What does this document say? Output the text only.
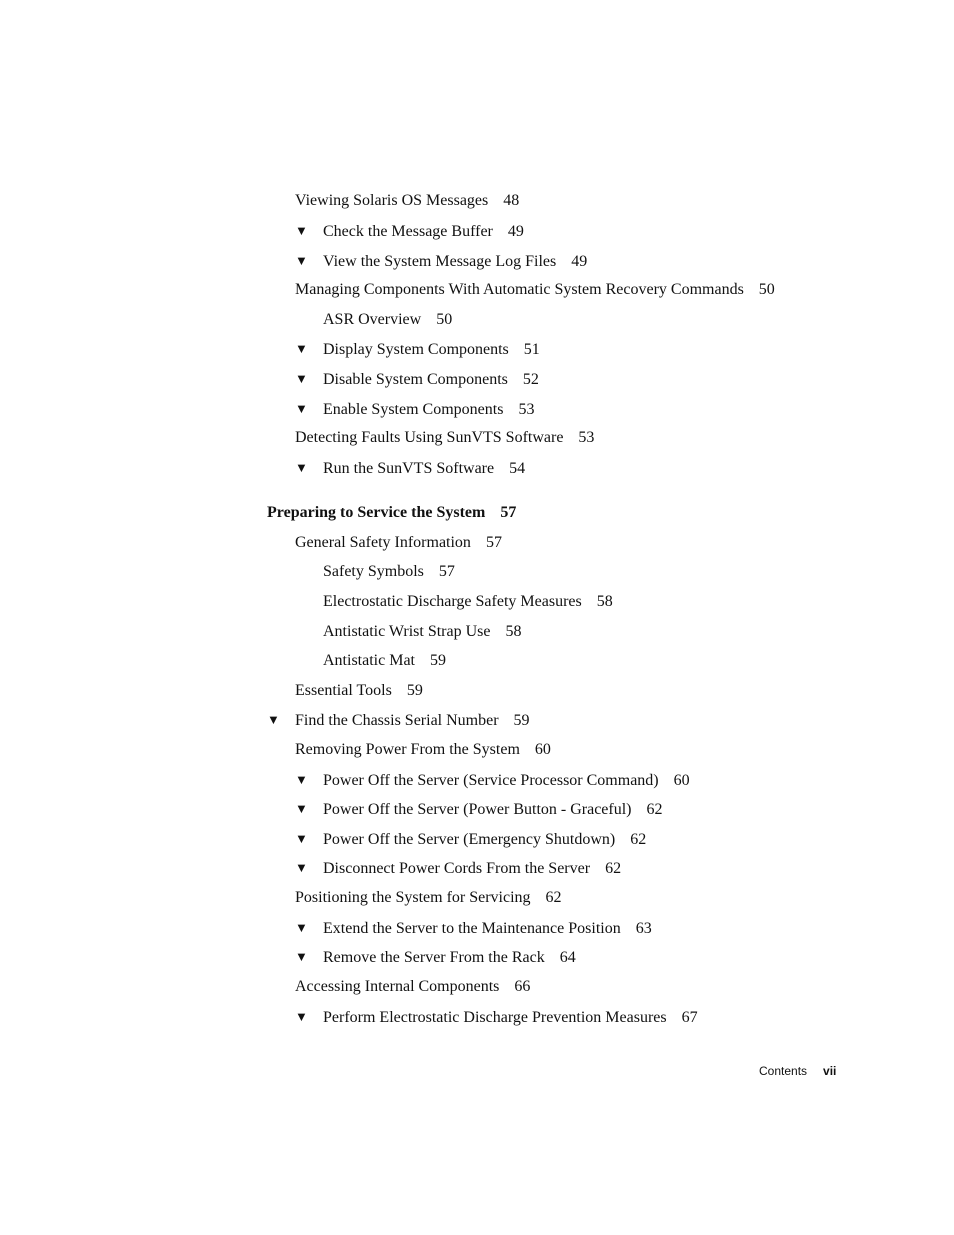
Viewing Solaris OS Messages 48
▼ Check the Message Buffer 49
▼ View the System Message Log Files 49
Managing Components With Automatic System Recovery Commands 50
ASR Overview 50
▼ Display System Components 51
▼ Disable System Components 52
▼ Enable System Components 53
Detecting Faults Using SunVTS Software 53
▼ Run the SunVTS Software 54
Preparing to Service the System 57
General Safety Information 57
Safety Symbols 57
Electrostatic Discharge Safety Measures 58
Antistatic Wrist Strap Use 58
Antistatic Mat 59
Essential Tools 59
▼ Find the Chassis Serial Number 59
Removing Power From the System 60
▼ Power Off the Server (Service Processor Command) 60
▼ Power Off the Server (Power Button - Graceful) 62
▼ Power Off the Server (Emergency Shutdown) 62
▼ Disconnect Power Cords From the Server 62
Positioning the System for Servicing 62
▼ Extend the Server to the Maintenance Position 63
▼ Remove the Server From the Rack 64
Accessing Internal Components 66
▼ Perform Electrostatic Discharge Prevention Measures 67
Contents vii
